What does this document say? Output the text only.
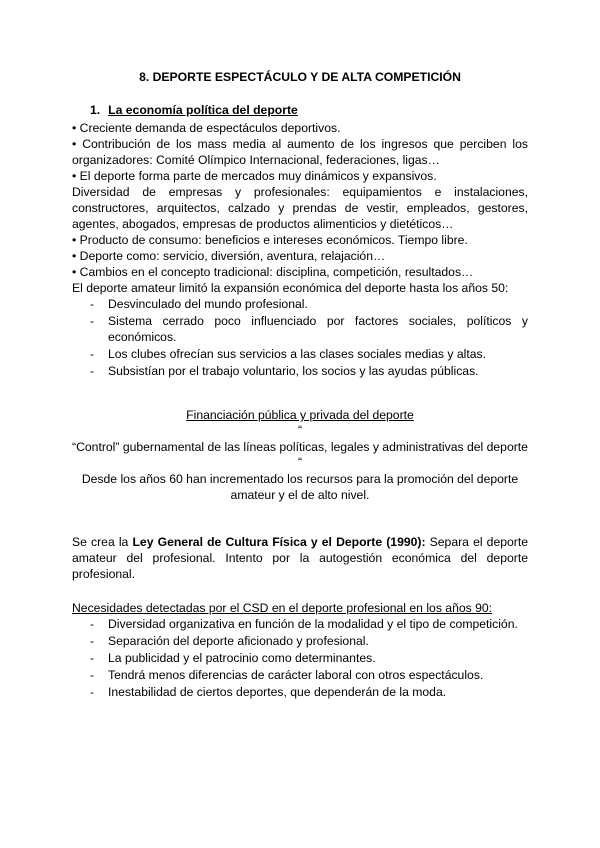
8. DEPORTE ESPECTÁCULO Y DE ALTA COMPETICIÓN
1. La economía política del deporte

• Creciente demanda de espectáculos deportivos.

• Contribución de los mass media al aumento de los ingresos que perciben los organizadores: Comité Olímpico Internacional, federaciones, ligas…

• El deporte forma parte de mercados muy dinámicos y expansivos.

Diversidad de empresas y profesionales: equipamientos e instalaciones, constructores, arquitectos, calzado y prendas de vestir, empleados, gestores, agentes, abogados, empresas de productos alimenticios y dietéticos…

• Producto de consumo: beneficios e intereses económicos. Tiempo libre.

• Deporte como: servicio, diversión, aventura, relajación…

• Cambios en el concepto tradicional: disciplina, competición, resultados…

El deporte amateur limitó la expansión económica del deporte hasta los años 50:

-	Desvinculado del mundo profesional.
-	Sistema cerrado poco influenciado por factores sociales, políticos y económicos.
-	Los clubes ofrecían sus servicios a las clases sociales medias y altas.
-	Subsistían por el trabajo voluntario, los socios y las ayudas públicas.
Financiación pública y privada del deporte
“
“Control” gubernamental de las líneas políticas, legales y administrativas del deporte
“
Desde los años 60 han incrementado los recursos para la promoción del deporte amateur y el de alto nivel.

Se crea la Ley General de Cultura Física y el Deporte (1990): Separa el deporte amateur del profesional. Intento por la autogestión económica del deporte profesional.

Necesidades detectadas por el CSD en el deporte profesional en los años 90:

-	Diversidad organizativa en función de la modalidad y el tipo de competición.
-	Separación del deporte aficionado y profesional.
-	La publicidad y el patrocinio como determinantes.
-	Tendrá menos diferencias de carácter laboral con otros espectáculos.
-	Inestabilidad de ciertos deportes, que dependerán de la moda.
